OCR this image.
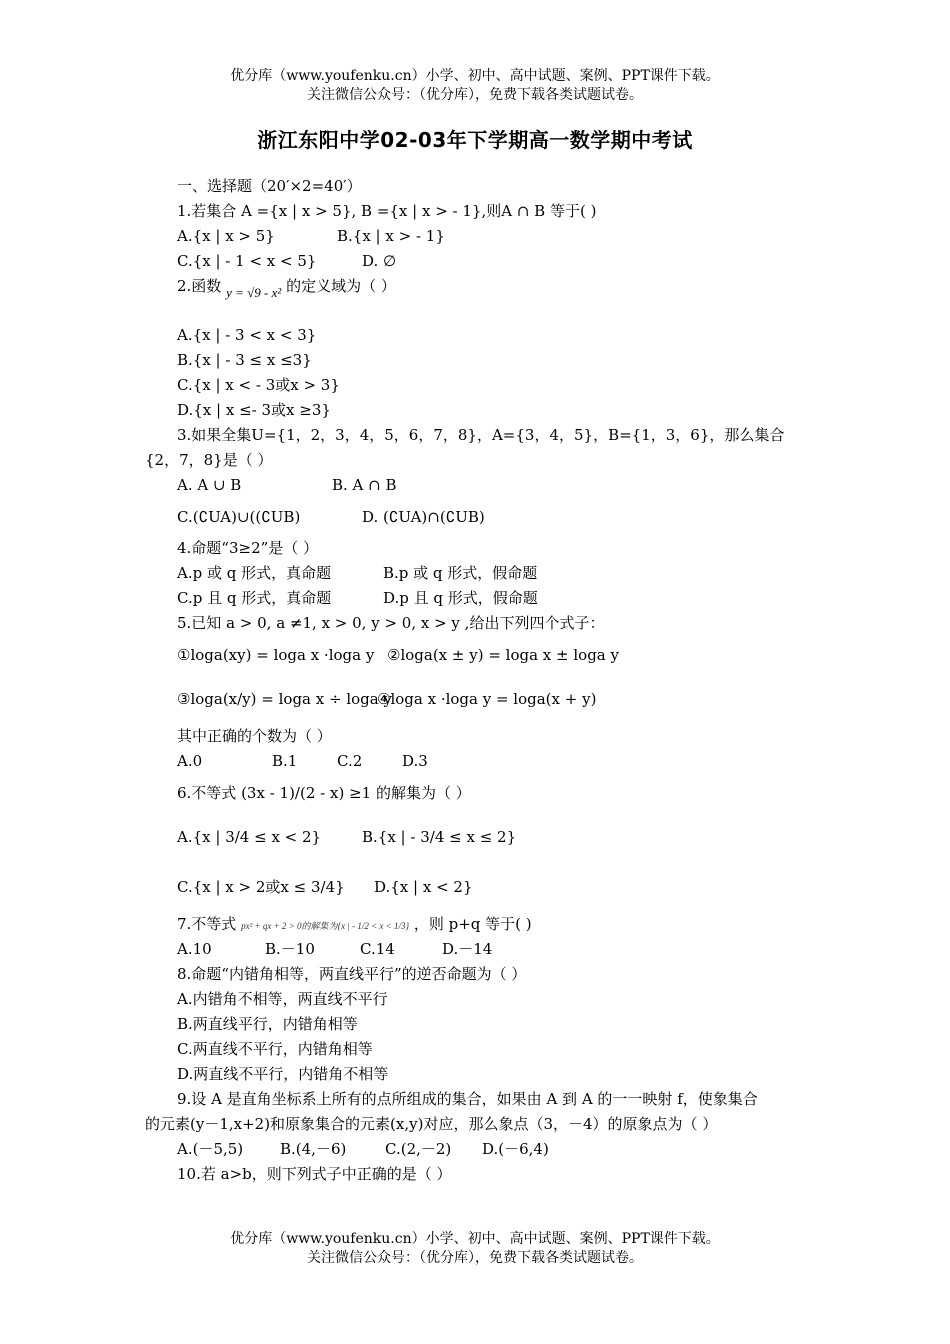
优分库（www.youfenku.cn）小学、初中、高中试题、案例、PPT课件下载。
关注微信公众号：（优分库），免费下载各类试题试卷。
浙江东阳中学02-03年下学期高一数学期中考试
一、选择题（20′×2=40′）
1.若集合 A ={x | x > 5}, B ={x | x > - 1},则A ∩ B 等于( )
A.{x | x > 5}	B.{x | x > - 1}
C.{x | - 1 < x < 5}	D. ∅
2.函数 y = √9 - x² 的定义域为（ ）
A.{x | - 3 < x < 3}
B.{x | - 3 ≤ x ≤3}
C.{x | x < - 3或x > 3}
D.{x | x ≤- 3或x ≥3}
3.如果全集U={1，2，3，4，5，6，7，8}，A={3，4，5}，B={1，3，6}，那么集合
{2，7，8}是（ ）
A. A ∪ B	B. A ∩ B
C.(∁UA)∪((∁UB)	D. (∁UA)∩(∁UB)
4.命题“3≥2”是（ ）
A.p 或 q 形式，真命题	B.p 或 q 形式，假命题
C.p 且 q 形式，真命题	D.p 且 q 形式，假命题
5.已知 a > 0, a ≠1, x > 0, y > 0, x > y ,给出下列四个式子：
①loga(xy) = loga x ·loga y ②loga(x ± y) = loga x ± loga y
③loga(x/y) = loga x ÷ loga y④loga x ·loga y = loga(x + y)
其中正确的个数为（ ）
A.0	B.1	C.2	D.3
6.不等式 (3x - 1)/(2 - x) ≥1 的解集为（ ）
A.{x | 3/4 ≤ x < 2}	B.{x | - 3/4 ≤ x ≤ 2}
C.{x | x > 2或x ≤ 3/4} D.{x | x < 2}
7.不等式 px² + qx + 2 > 0的解集为{x | - 1/2 < x < 1/3} ，则 p+q 等于( )
A.10	B.－10	C.14	D.－14
8.命题“内错角相等，两直线平行”的逆否命题为（ ）
A.内错角不相等，两直线不平行
B.两直线平行，内错角相等
C.两直线不平行，内错角相等
D.两直线不平行，内错角不相等
9.设 A 是直角坐标系上所有的点所组成的集合，如果由 A 到 A 的一一映射 f，使象集合
的元素(y－1,x+2)和原象集合的元素(x,y)对应，那么象点（3，－4）的原象点为（ ）
A.(－5,5) B.(4,－6)	C.(2,－2) D.(－6,4)
10.若 a>b，则下列式子中正确的是（ ）
优分库（www.youfenku.cn）小学、初中、高中试题、案例、PPT课件下载。
关注微信公众号：（优分库），免费下载各类试题试卷。
